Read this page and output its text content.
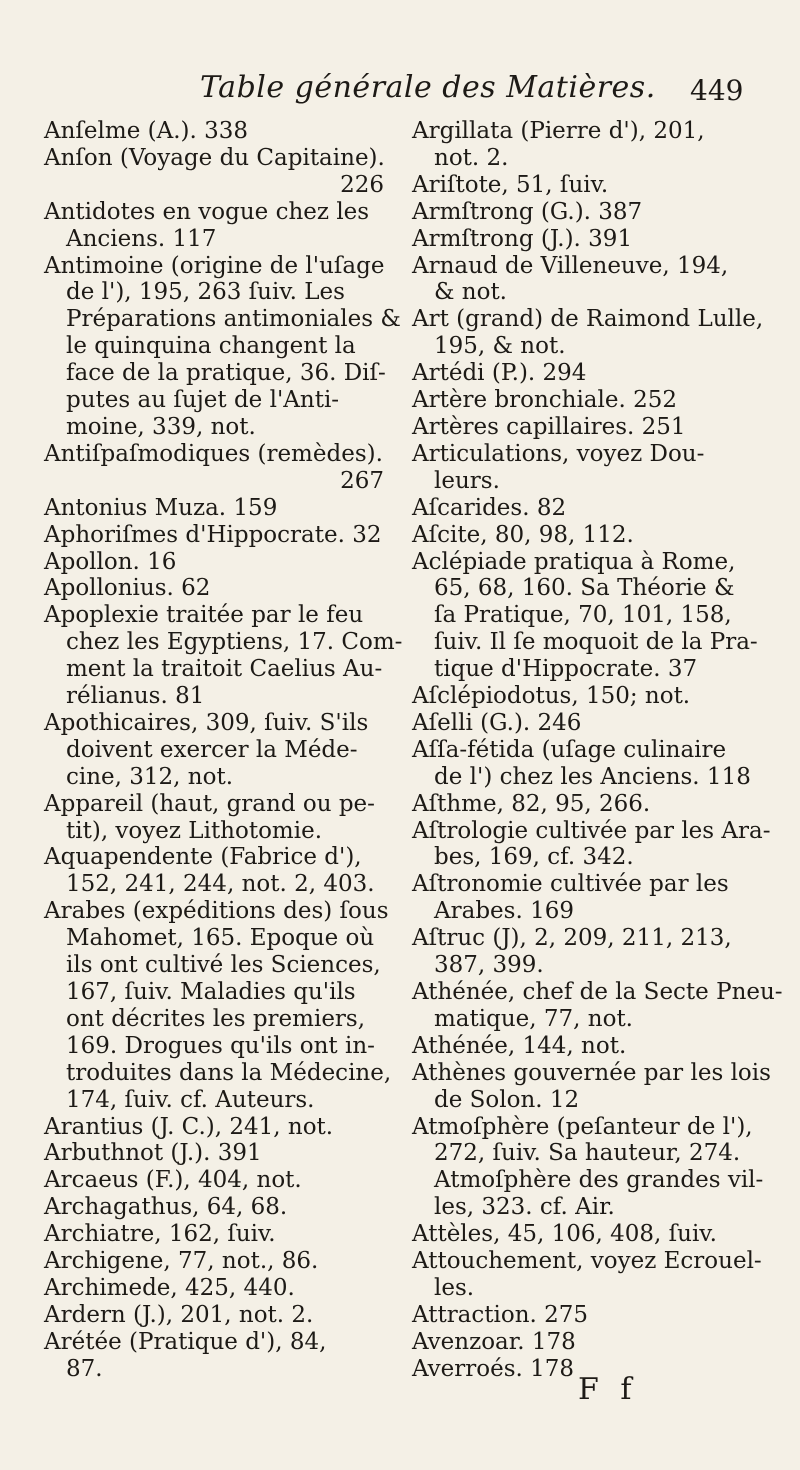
Table générale des Matières. 449
Anſelme (A.). 338
Anſon (Voyage du Capitaine).
226
Antidotes en vogue chez les
Anciens. 117
Antimoine (origine de l'uſage
de l'), 195, 263 ſuiv. Les
Préparations antimoniales &
le quinquina changent la
face de la pratique, 36. Diſ-
putes au ſujet de l'Anti-
moine, 339, not.
Antiſpaſmodiques (remèdes).
267
Antonius Muza. 159
Aphoriſmes d'Hippocrate. 32
Apollon. 16
Apollonius. 62
Apoplexie traitée par le feu
chez les Egyptiens, 17. Com-
ment la traitoit Caelius Au-
rélianus. 81
Apothicaires, 309, ſuiv. S'ils
doivent exercer la Méde-
cine, 312, not.
Appareil (haut, grand ou pe-
tit), voyez Lithotomie.
Aquapendente (Fabrice d'),
152, 241, 244, not. 2, 403.
Arabes (expéditions des) ſous
Mahomet, 165. Epoque où
ils ont cultivé les Sciences,
167, ſuiv. Maladies qu'ils
ont décrites les premiers,
169. Drogues qu'ils ont in-
troduites dans la Médecine,
174, ſuiv. cf. Auteurs.
Arantius (J. C.), 241, not.
Arbuthnot (J.). 391
Arcaeus (F.), 404, not.
Archagathus, 64, 68.
Archiatre, 162, ſuiv.
Archigene, 77, not., 86.
Archimede, 425, 440.
Ardern (J.), 201, not. 2.
Arétée (Pratique d'), 84,
87.
Argillata (Pierre d'), 201,
not. 2.
Ariſtote, 51, ſuiv.
Armſtrong (G.). 387
Armſtrong (J.). 391
Arnaud de Villeneuve, 194,
& not.
Art (grand) de Raimond Lulle,
195, & not.
Artédi (P.). 294
Artère bronchiale. 252
Artères capillaires. 251
Articulations, voyez Dou-
leurs.
Aſcarides. 82
Aſcite, 80, 98, 112.
Aclépiade pratiqua à Rome,
65, 68, 160. Sa Théorie &
ſa Pratique, 70, 101, 158,
ſuiv. Il ſe moquoit de la Pra-
tique d'Hippocrate. 37
Aſclépiodotus, 150; not.
Aſelli (G.). 246
Aſſa-fétida (uſage culinaire
de l') chez les Anciens. 118
Aſthme, 82, 95, 266.
Aſtrologie cultivée par les Ara-
bes, 169, cf. 342.
Aſtronomie cultivée par les
Arabes. 169
Aſtruc (J), 2, 209, 211, 213,
387, 399.
Athénée, chef de la Secte Pneu-
matique, 77, not.
Athénée, 144, not.
Athènes gouvernée par les lois
de Solon. 12
Atmoſphère (peſanteur de l'),
272, ſuiv. Sa hauteur, 274.
Atmoſphère des grandes vil-
les, 323. cf. Air.
Attèles, 45, 106, 408, ſuiv.
Attouchement, voyez Ecrouel-
les.
Attraction. 275
Avenzoar. 178
Averroés. 178
F f
